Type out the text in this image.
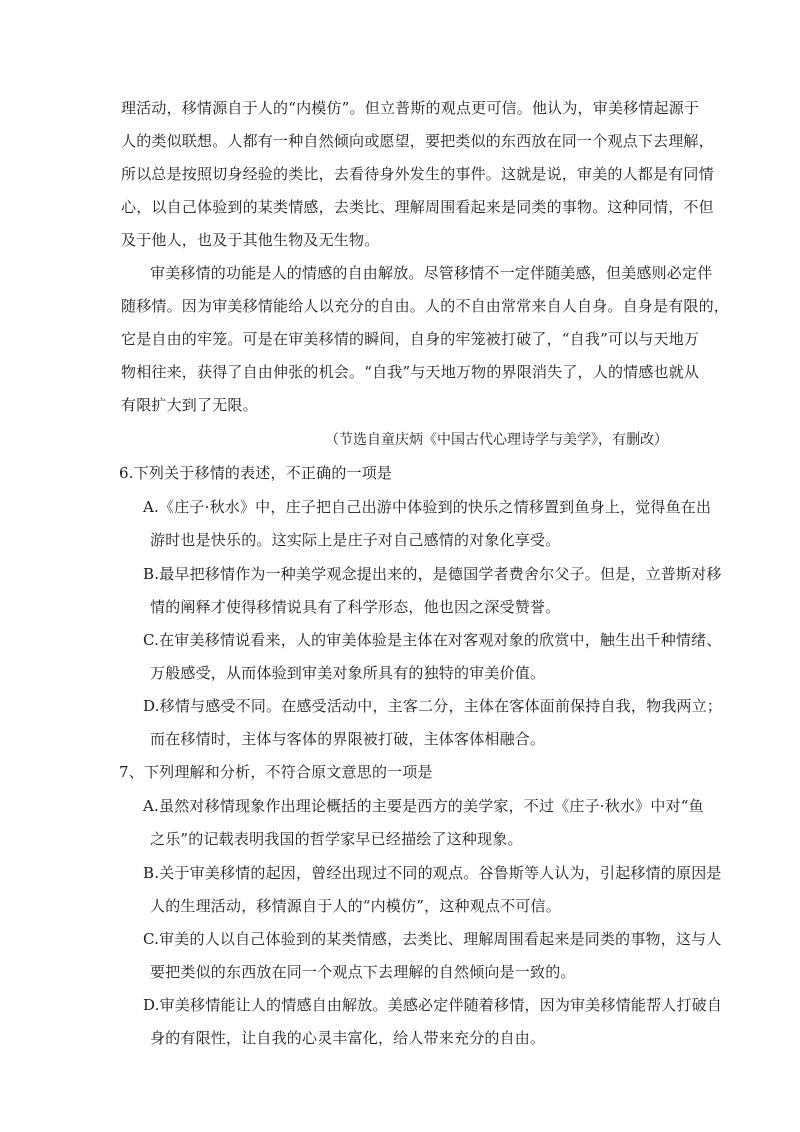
理活动，移情源自于人的“内模仿”。但立普斯的观点更可信。他认为，审美移情起源于
人的类似联想。人都有一种自然倾向或愿望，要把类似的东西放在同一个观点下去理解，
所以总是按照切身经验的类比，去看待身外发生的事件。这就是说，审美的人都是有同情
心，以自己体验到的某类情感，去类比、理解周围看起来是同类的事物。这种同情，不但
及于他人，也及于其他生物及无生物。
审美移情的功能是人的情感的自由解放。尽管移情不一定伴随美感，但美感则必定伴
随移情。因为审美移情能给人以充分的自由。人的不自由常常来自人自身。自身是有限的，
它是自由的牢笼。可是在审美移情的瞬间，自身的牢笼被打破了，“自我”可以与天地万
物相往来，获得了自由伸张的机会。“自我”与天地万物的界限消失了，人的情感也就从
有限扩大到了无限。
（节选自童庆炳《中国古代心理诗学与美学》，有删改）
6.下列关于移情的表述，不正确的一项是
A.《庄子·秋水》中，庄子把自己出游中体验到的快乐之情移置到鱼身上，觉得鱼在出
游时也是快乐的。这实际上是庄子对自己感情的对象化享受。
B.最早把移情作为一种美学观念提出来的，是德国学者费舍尔父子。但是，立普斯对移
情的阐释才使得移情说具有了科学形态，他也因之深受赞誉。
C.在审美移情说看来，人的审美体验是主体在对客观对象的欣赏中，触生出千种情绪、
万般感受，从而体验到审美对象所具有的独特的审美价值。
D.移情与感受不同。在感受活动中，主客二分，主体在客体面前保持自我，物我两立；
而在移情时，主体与客体的界限被打破，主体客体相融合。
7、下列理解和分析，不符合原文意思的一项是
A.虽然对移情现象作出理论概括的主要是西方的美学家，不过《庄子·秋水》中对“鱼
之乐”的记载表明我国的哲学家早已经描绘了这种现象。
B.关于审美移情的起因，曾经出现过不同的观点。谷鲁斯等人认为，引起移情的原因是
人的生理活动，移情源自于人的“内模仿”，这种观点不可信。
C.审美的人以自己体验到的某类情感，去类比、理解周围看起来是同类的事物，这与人
要把类似的东西放在同一个观点下去理解的自然倾向是一致的。
D.审美移情能让人的情感自由解放。美感必定伴随着移情，因为审美移情能帮人打破自
身的有限性，让自我的心灵丰富化，给人带来充分的自由。
